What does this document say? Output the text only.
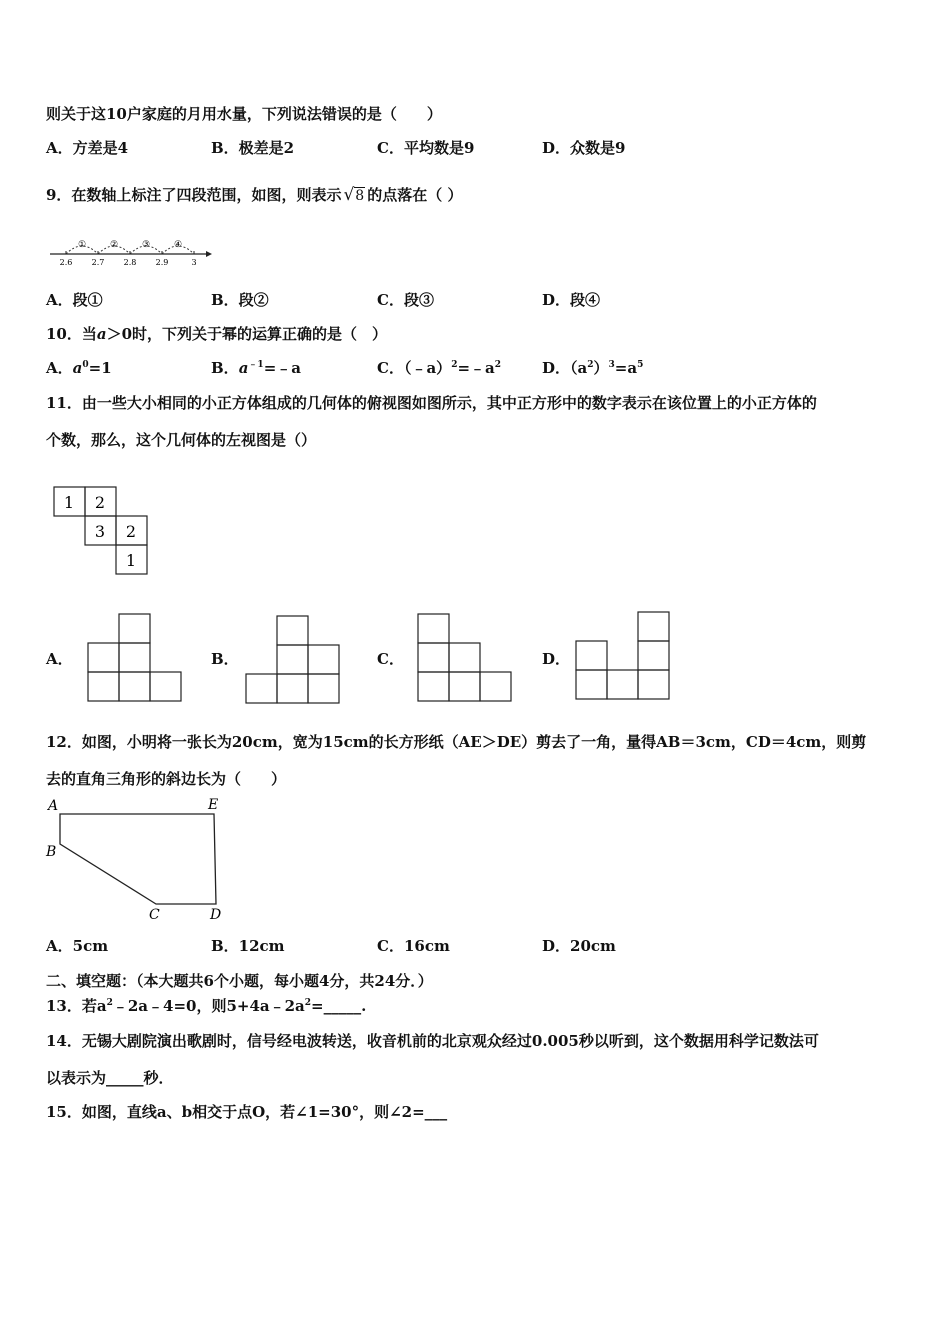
则关于这10户家庭的月用水量，下列说法错误的是（　　）
A．方差是4	B．极差是2	C．平均数是9	D．众数是9
9．在数轴上标注了四段范围，如图，则表示 √8 的点落在（ ）
①	②	③	④
2.6 2.7 2.8 2.9	3
A．段①	B．段②	C．段③	D．段④
10．当a＞0时，下列关于幂的运算正确的是（　）
A．$a^0=1$	B．$a^{﹣1}=﹣a$	C．$(﹣a)^2=﹣a^2$	D．$(a^2)^3=a^5$
11．由一些大小相同的小正方体组成的几何体的俯视图如图所示，其中正方形中的数字表示在该位置上的小正方体的
个数，那么，这个几何体的左视图是（）
1 2
3 2
1
A．	B．	C．	D．
12．如图，小明将一张长为20cm，宽为15cm的长方形纸（AE＞DE）剪去了一角，量得AB＝3cm，CD＝4cm，则剪
去的直角三角形的斜边长为（　　）
A	E
B
C	D
A．5cm	B．12cm	C．16cm	D．20cm
二、填空题：（本大题共6个小题，每小题4分，共24分．）
13．若$a^2﹣2a﹣4=0$，则$5+4a﹣2a^2=\_\_\_\_\_$.
14．无锡大剧院演出歌剧时，信号经电波转送，收音机前的北京观众经过0.005秒以听到，这个数据用科学记数法可
以表示为_____秒．
15．如图，直线a、b相交于点O，若∠1=30°，则∠2=___
